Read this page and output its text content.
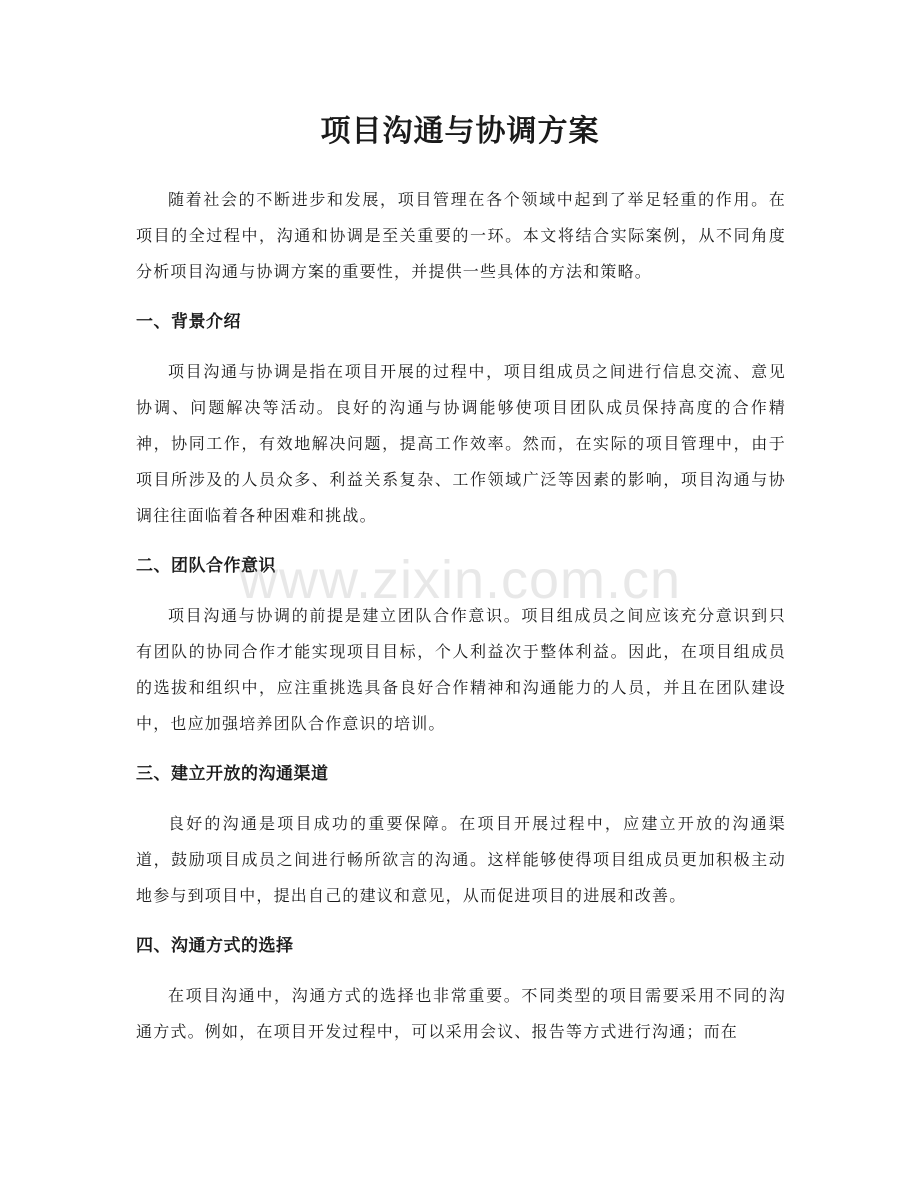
项目沟通与协调方案

随着社会的不断进步和发展，项目管理在各个领域中起到了举足轻重的作用。在项目的全过程中，沟通和协调是至关重要的一环。本文将结合实际案例，从不同角度分析项目沟通与协调方案的重要性，并提供一些具体的方法和策略。

一、背景介绍

项目沟通与协调是指在项目开展的过程中，项目组成员之间进行信息交流、意见协调、问题解决等活动。良好的沟通与协调能够使项目团队成员保持高度的合作精神，协同工作，有效地解决问题，提高工作效率。然而，在实际的项目管理中，由于项目所涉及的人员众多、利益关系复杂、工作领域广泛等因素的影响，项目沟通与协调往往面临着各种困难和挑战。

二、团队合作意识

项目沟通与协调的前提是建立团队合作意识。项目组成员之间应该充分意识到只有团队的协同合作才能实现项目目标，个人利益次于整体利益。因此，在项目组成员的选拔和组织中，应注重挑选具备良好合作精神和沟通能力的人员，并且在团队建设中，也应加强培养团队合作意识的培训。

三、建立开放的沟通渠道

良好的沟通是项目成功的重要保障。在项目开展过程中，应建立开放的沟通渠道，鼓励项目成员之间进行畅所欲言的沟通。这样能够使得项目组成员更加积极主动地参与到项目中，提出自己的建议和意见，从而促进项目的进展和改善。

四、沟通方式的选择

在项目沟通中，沟通方式的选择也非常重要。不同类型的项目需要采用不同的沟通方式。例如，在项目开发过程中，可以采用会议、报告等方式进行沟通；而在

www.zixin.com.cn
